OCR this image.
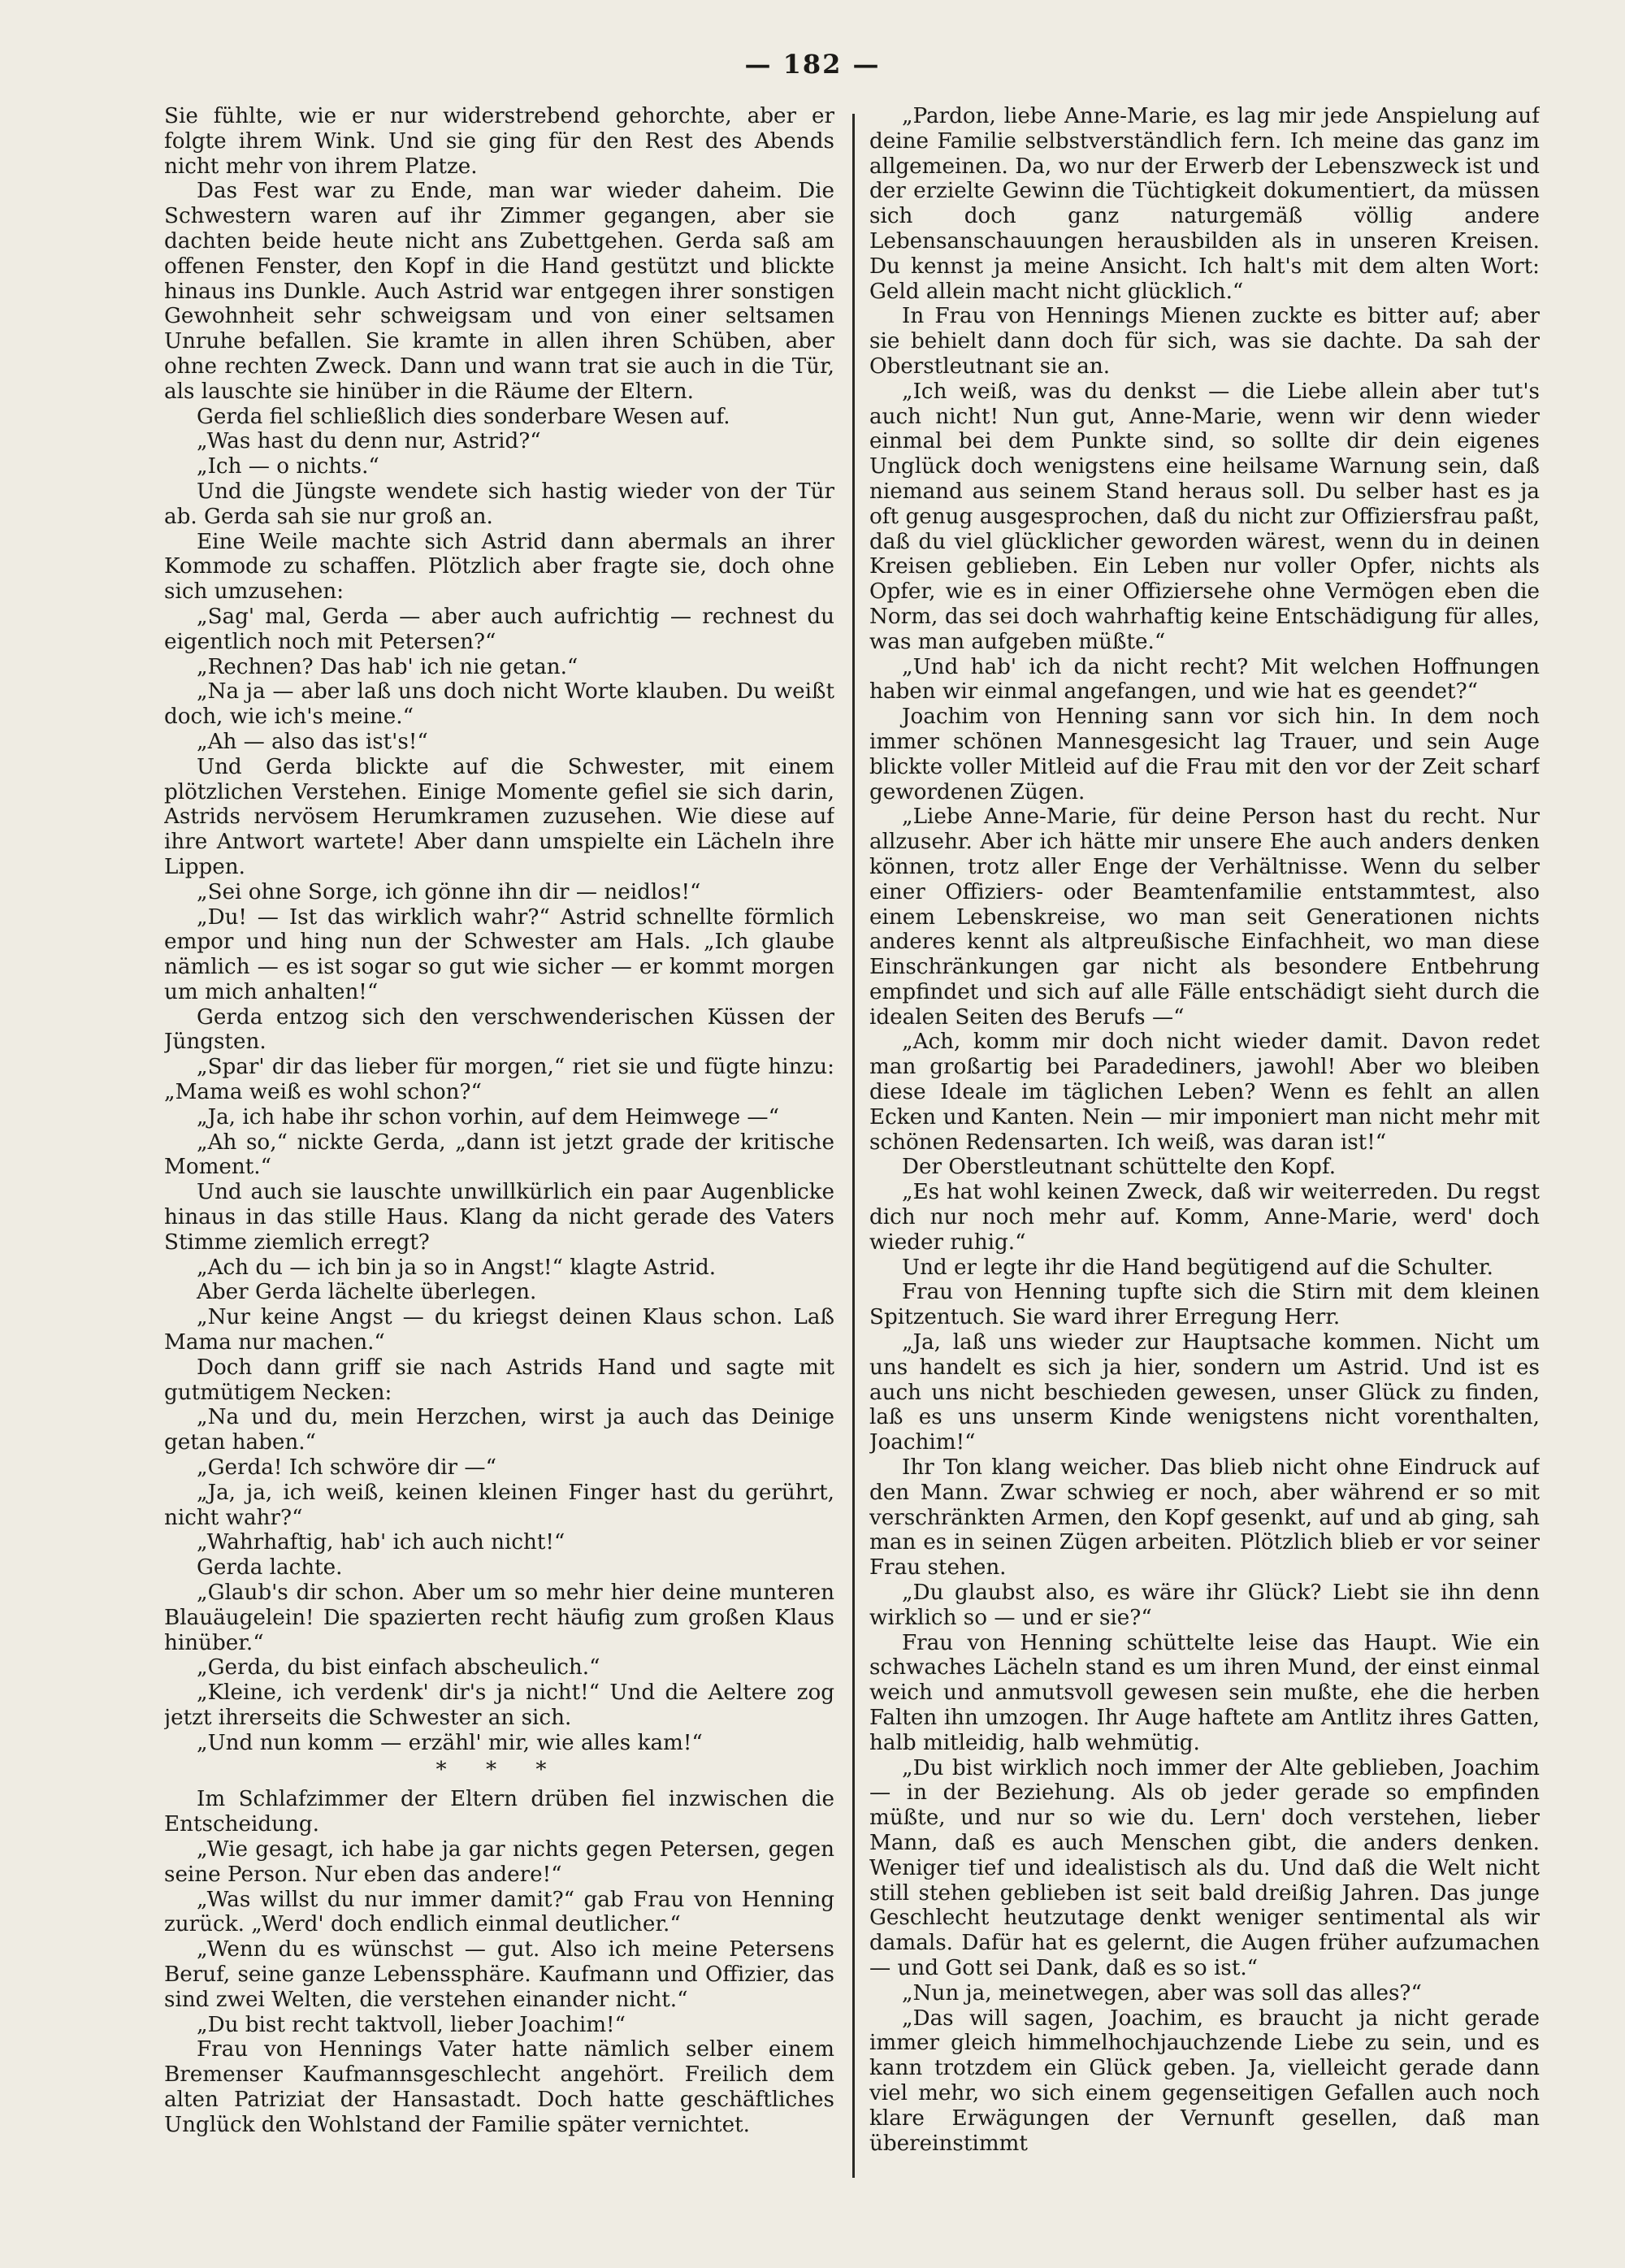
— 182 —

Sie fühlte, wie er nur widerstrebend gehorchte, aber er folgte ihrem Wink. Und sie ging für den Rest des Abends nicht mehr von ihrem Platze.

Das Fest war zu Ende, man war wieder daheim. Die Schwestern waren auf ihr Zimmer gegangen, aber sie dachten beide heute nicht ans Zubettgehen. Gerda saß am offenen Fenster, den Kopf in die Hand gestützt und blickte hinaus ins Dunkle. Auch Astrid war entgegen ihrer sonstigen Gewohnheit sehr schweigsam und von einer seltsamen Unruhe befallen. Sie kramte in allen ihren Schüben, aber ohne rechten Zweck. Dann und wann trat sie auch in die Tür, als lauschte sie hinüber in die Räume der Eltern.

Gerda fiel schließlich dies sonderbare Wesen auf.

„Was hast du denn nur, Astrid?“

„Ich — o nichts.“

Und die Jüngste wendete sich hastig wieder von der Tür ab. Gerda sah sie nur groß an.

Eine Weile machte sich Astrid dann abermals an ihrer Kommode zu schaffen. Plötzlich aber fragte sie, doch ohne sich umzusehen:

„Sag' mal, Gerda — aber auch aufrichtig — rechnest du eigentlich noch mit Petersen?“

„Rechnen? Das hab' ich nie getan.“

„Na ja — aber laß uns doch nicht Worte klauben. Du weißt doch, wie ich's meine.“

„Ah — also das ist's!“

Und Gerda blickte auf die Schwester, mit einem plötzlichen Verstehen. Einige Momente gefiel sie sich darin, Astrids nervösem Herumkramen zuzusehen. Wie diese auf ihre Antwort wartete! Aber dann umspielte ein Lächeln ihre Lippen.

„Sei ohne Sorge, ich gönne ihn dir — neidlos!“

„Du! — Ist das wirklich wahr?“ Astrid schnellte förmlich empor und hing nun der Schwester am Hals. „Ich glaube nämlich — es ist sogar so gut wie sicher — er kommt morgen um mich anhalten!“

Gerda entzog sich den verschwenderischen Küssen der Jüngsten.

„Spar' dir das lieber für morgen,“ riet sie und fügte hinzu: „Mama weiß es wohl schon?“

„Ja, ich habe ihr schon vorhin, auf dem Heimwege —“

„Ah so,“ nickte Gerda, „dann ist jetzt grade der kritische Moment.“

Und auch sie lauschte unwillkürlich ein paar Augenblicke hinaus in das stille Haus. Klang da nicht gerade des Vaters Stimme ziemlich erregt?

„Ach du — ich bin ja so in Angst!“ klagte Astrid.

Aber Gerda lächelte überlegen.

„Nur keine Angst — du kriegst deinen Klaus schon. Laß Mama nur machen.“

Doch dann griff sie nach Astrids Hand und sagte mit gutmütigem Necken:

„Na und du, mein Herzchen, wirst ja auch das Deinige getan haben.“

„Gerda! Ich schwöre dir —“

„Ja, ja, ich weiß, keinen kleinen Finger hast du gerührt, nicht wahr?“

„Wahrhaftig, hab' ich auch nicht!“

Gerda lachte.

„Glaub's dir schon. Aber um so mehr hier deine munteren Blauäugelein! Die spazierten recht häufig zum großen Klaus hinüber.“

„Gerda, du bist einfach abscheulich.“

„Kleine, ich verdenk' dir's ja nicht!“ Und die Aeltere zog jetzt ihrerseits die Schwester an sich.

„Und nun komm — erzähl' mir, wie alles kam!“

* * *

Im Schlafzimmer der Eltern drüben fiel inzwischen die Entscheidung.

„Wie gesagt, ich habe ja gar nichts gegen Petersen, gegen seine Person. Nur eben das andere!“

„Was willst du nur immer damit?“ gab Frau von Henning zurück. „Werd' doch endlich einmal deutlicher.“

„Wenn du es wünschst — gut. Also ich meine Petersens Beruf, seine ganze Lebenssphäre. Kaufmann und Offizier, das sind zwei Welten, die verstehen einander nicht.“

„Du bist recht taktvoll, lieber Joachim!“

Frau von Hennings Vater hatte nämlich selber einem Bremenser Kaufmannsgeschlecht angehört. Freilich dem alten Patriziat der Hansastadt. Doch hatte geschäftliches Unglück den Wohlstand der Familie später vernichtet.

„Pardon, liebe Anne-Marie, es lag mir jede Anspielung auf deine Familie selbstverständlich fern. Ich meine das ganz im allgemeinen. Da, wo nur der Erwerb der Lebenszweck ist und der erzielte Gewinn die Tüchtigkeit dokumentiert, da müssen sich doch ganz naturgemäß völlig andere Lebensanschauungen herausbilden als in unseren Kreisen. Du kennst ja meine Ansicht. Ich halt's mit dem alten Wort: Geld allein macht nicht glücklich.“

In Frau von Hennings Mienen zuckte es bitter auf; aber sie behielt dann doch für sich, was sie dachte. Da sah der Oberstleutnant sie an.

„Ich weiß, was du denkst — die Liebe allein aber tut's auch nicht! Nun gut, Anne-Marie, wenn wir denn wieder einmal bei dem Punkte sind, so sollte dir dein eigenes Unglück doch wenigstens eine heilsame Warnung sein, daß niemand aus seinem Stand heraus soll. Du selber hast es ja oft genug ausgesprochen, daß du nicht zur Offiziersfrau paßt, daß du viel glücklicher geworden wärest, wenn du in deinen Kreisen geblieben. Ein Leben nur voller Opfer, nichts als Opfer, wie es in einer Offiziersehe ohne Vermögen eben die Norm, das sei doch wahrhaftig keine Entschädigung für alles, was man aufgeben müßte.“

„Und hab' ich da nicht recht? Mit welchen Hoffnungen haben wir einmal angefangen, und wie hat es geendet?“

Joachim von Henning sann vor sich hin. In dem noch immer schönen Mannesgesicht lag Trauer, und sein Auge blickte voller Mitleid auf die Frau mit den vor der Zeit scharf gewordenen Zügen.

„Liebe Anne-Marie, für deine Person hast du recht. Nur allzusehr. Aber ich hätte mir unsere Ehe auch anders denken können, trotz aller Enge der Verhältnisse. Wenn du selber einer Offiziers- oder Beamtenfamilie entstammtest, also einem Lebenskreise, wo man seit Generationen nichts anderes kennt als altpreußische Einfachheit, wo man diese Einschränkungen gar nicht als besondere Entbehrung empfindet und sich auf alle Fälle entschädigt sieht durch die idealen Seiten des Berufs —“

„Ach, komm mir doch nicht wieder damit. Davon redet man großartig bei Paradediners, jawohl! Aber wo bleiben diese Ideale im täglichen Leben? Wenn es fehlt an allen Ecken und Kanten. Nein — mir imponiert man nicht mehr mit schönen Redensarten. Ich weiß, was daran ist!“

Der Oberstleutnant schüttelte den Kopf.

„Es hat wohl keinen Zweck, daß wir weiterreden. Du regst dich nur noch mehr auf. Komm, Anne-Marie, werd' doch wieder ruhig.“

Und er legte ihr die Hand begütigend auf die Schulter.

Frau von Henning tupfte sich die Stirn mit dem kleinen Spitzentuch. Sie ward ihrer Erregung Herr.

„Ja, laß uns wieder zur Hauptsache kommen. Nicht um uns handelt es sich ja hier, sondern um Astrid. Und ist es auch uns nicht beschieden gewesen, unser Glück zu finden, laß es uns unserm Kinde wenigstens nicht vorenthalten, Joachim!“

Ihr Ton klang weicher. Das blieb nicht ohne Eindruck auf den Mann. Zwar schwieg er noch, aber während er so mit verschränkten Armen, den Kopf gesenkt, auf und ab ging, sah man es in seinen Zügen arbeiten. Plötzlich blieb er vor seiner Frau stehen.

„Du glaubst also, es wäre ihr Glück? Liebt sie ihn denn wirklich so — und er sie?“

Frau von Henning schüttelte leise das Haupt. Wie ein schwaches Lächeln stand es um ihren Mund, der einst einmal weich und anmutsvoll gewesen sein mußte, ehe die herben Falten ihn umzogen. Ihr Auge haftete am Antlitz ihres Gatten, halb mitleidig, halb wehmütig.

„Du bist wirklich noch immer der Alte geblieben, Joachim — in der Beziehung. Als ob jeder gerade so empfinden müßte, und nur so wie du. Lern' doch verstehen, lieber Mann, daß es auch Menschen gibt, die anders denken. Weniger tief und idealistisch als du. Und daß die Welt nicht still stehen geblieben ist seit bald dreißig Jahren. Das junge Geschlecht heutzutage denkt weniger sentimental als wir damals. Dafür hat es gelernt, die Augen früher aufzumachen — und Gott sei Dank, daß es so ist.“

„Nun ja, meinetwegen, aber was soll das alles?“

„Das will sagen, Joachim, es braucht ja nicht gerade immer gleich himmelhochjauchzende Liebe zu sein, und es kann trotzdem ein Glück geben. Ja, vielleicht gerade dann viel mehr, wo sich einem gegenseitigen Gefallen auch noch klare Erwägungen der Vernunft gesellen, daß man übereinstimmt
